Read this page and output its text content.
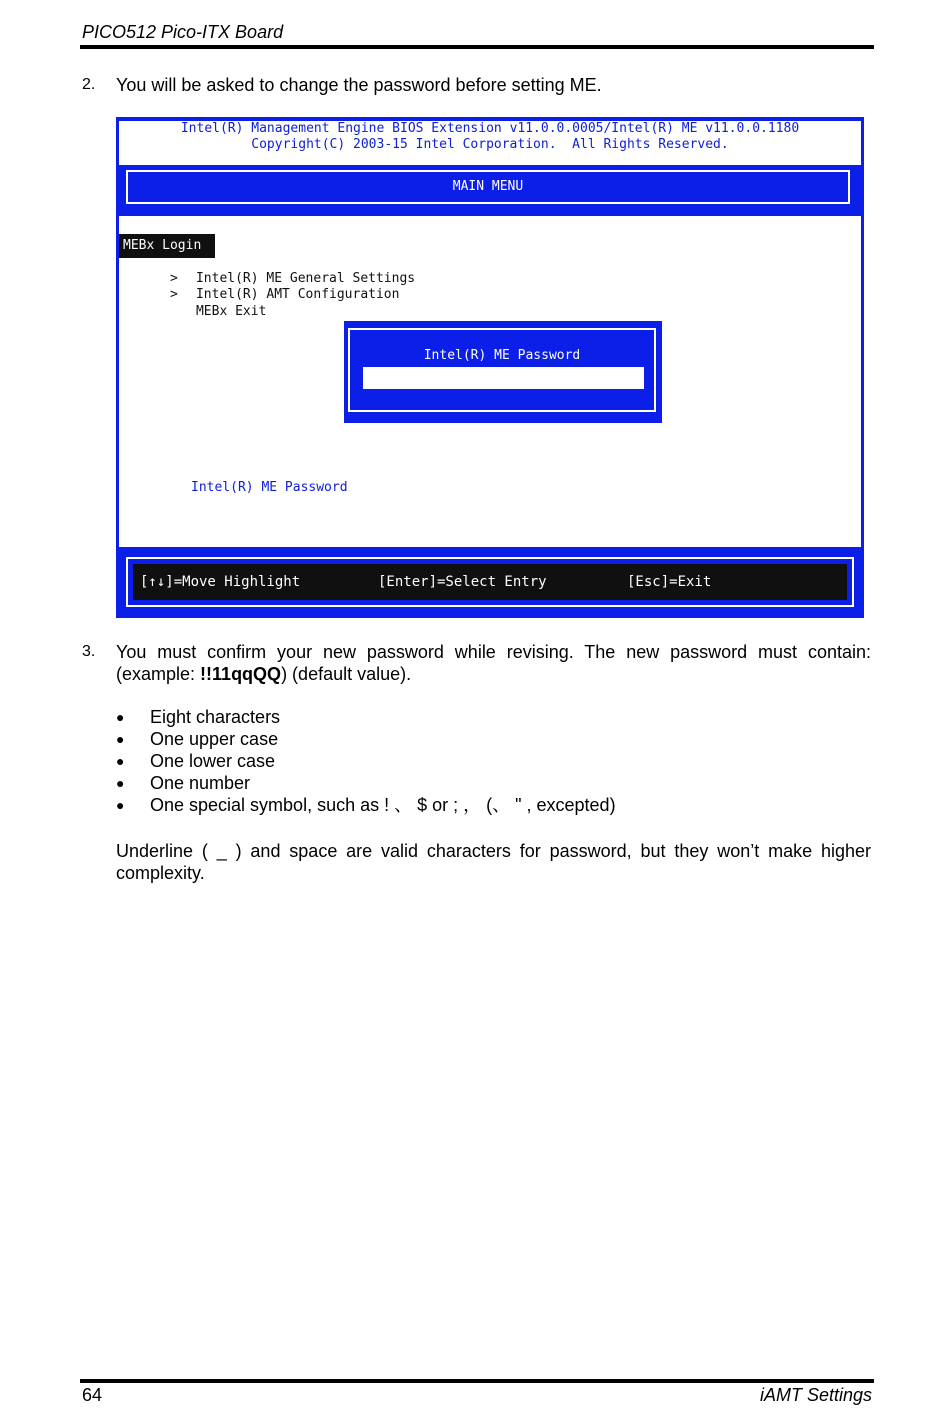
PICO512 Pico-ITX Board
2. You will be asked to change the password before setting ME.
Intel(R) Management Engine BIOS Extension v11.0.0.0005/Intel(R) ME v11.0.0.1180
Copyright(C) 2003-15 Intel Corporation.  All Rights Reserved.
MAIN MENU
MEBx Login

> Intel(R) ME General Settings

> Intel(R) AMT Configuration

MEBx Exit

Intel(R) ME Password
Intel(R) ME Password
[↑↓]=Move Highlight	[Enter]=Select Entry	[Esc]=Exit
3. You must confirm your new password while revising. The new password must contain: (example: !!11qqQQ) (default value).
● Eight characters
● One upper case
● One lower case
● One number
● One special symbol, such as ! 、 $ or ; ， (、 " , excepted)
Underline ( _ ) and space are valid characters for password, but they won’t make higher complexity.
64	iAMT Settings
